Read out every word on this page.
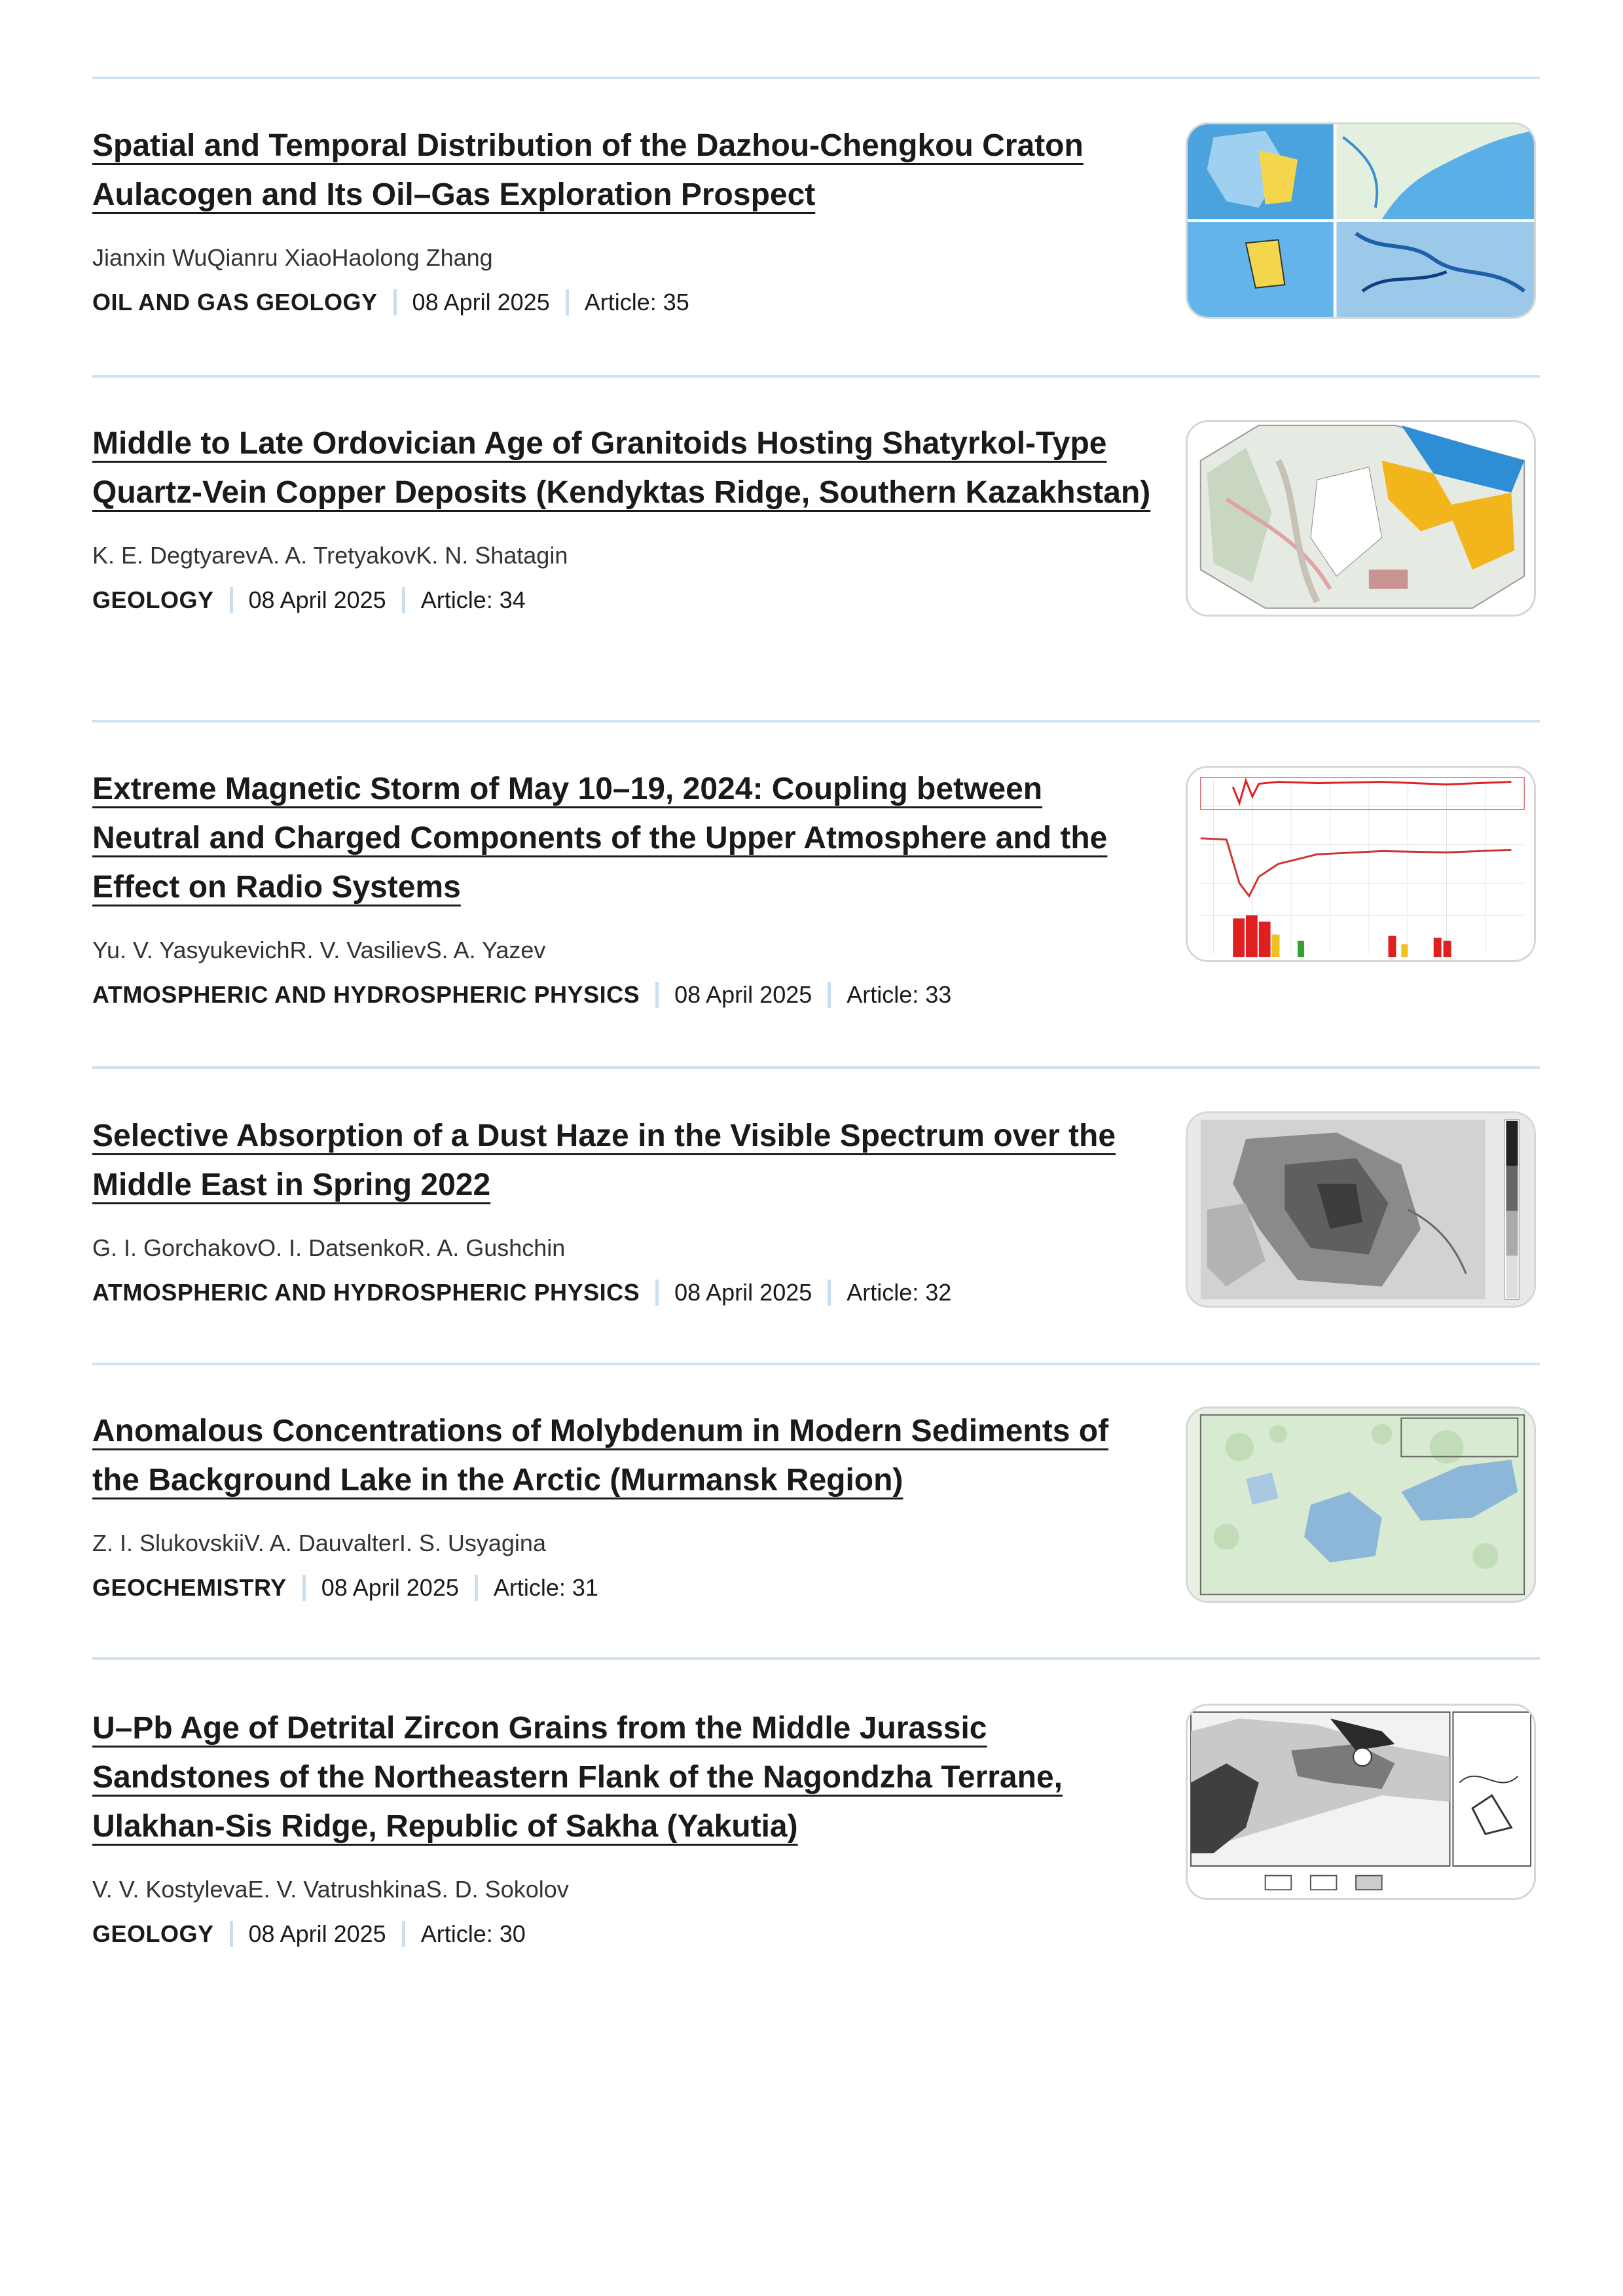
Spatial and Temporal Distribution of the Dazhou-Chengkou Craton Aulacogen and Its Oil–Gas Exploration Prospect
Jianxin WuQianru XiaoHaolong Zhang
OIL AND GAS GEOLOGY 08 April 2025 Article: 35
Middle to Late Ordovician Age of Granitoids Hosting Shatyrkol-Type Quartz-Vein Copper Deposits (Kendyktas Ridge, Southern Kazakhstan)
K. E. DegtyarevA. A. TretyakovK. N. Shatagin
GEOLOGY 08 April 2025 Article: 34
Extreme Magnetic Storm of May 10–19, 2024: Coupling between Neutral and Charged Components of the Upper Atmosphere and the Effect on Radio Systems
Yu. V. YasyukevichR. V. VasilievS. A. Yazev
ATMOSPHERIC AND HYDROSPHERIC PHYSICS 08 April 2025 Article: 33
Selective Absorption of a Dust Haze in the Visible Spectrum over the Middle East in Spring 2022
G. I. GorchakovO. I. DatsenkoR. A. Gushchin
ATMOSPHERIC AND HYDROSPHERIC PHYSICS 08 April 2025 Article: 32
Anomalous Concentrations of Molybdenum in Modern Sediments of the Background Lake in the Arctic (Murmansk Region)
Z. I. SlukovskiiV. A. DauvalterI. S. Usyagina
GEOCHEMISTRY 08 April 2025 Article: 31
U–Pb Age of Detrital Zircon Grains from the Middle Jurassic Sandstones of the Northeastern Flank of the Nagondzha Terrane, Ulakhan-Sis Ridge, Republic of Sakha (Yakutia)
V. V. KostylevaE. V. VatrushkinaS. D. Sokolov
GEOLOGY 08 April 2025 Article: 30
